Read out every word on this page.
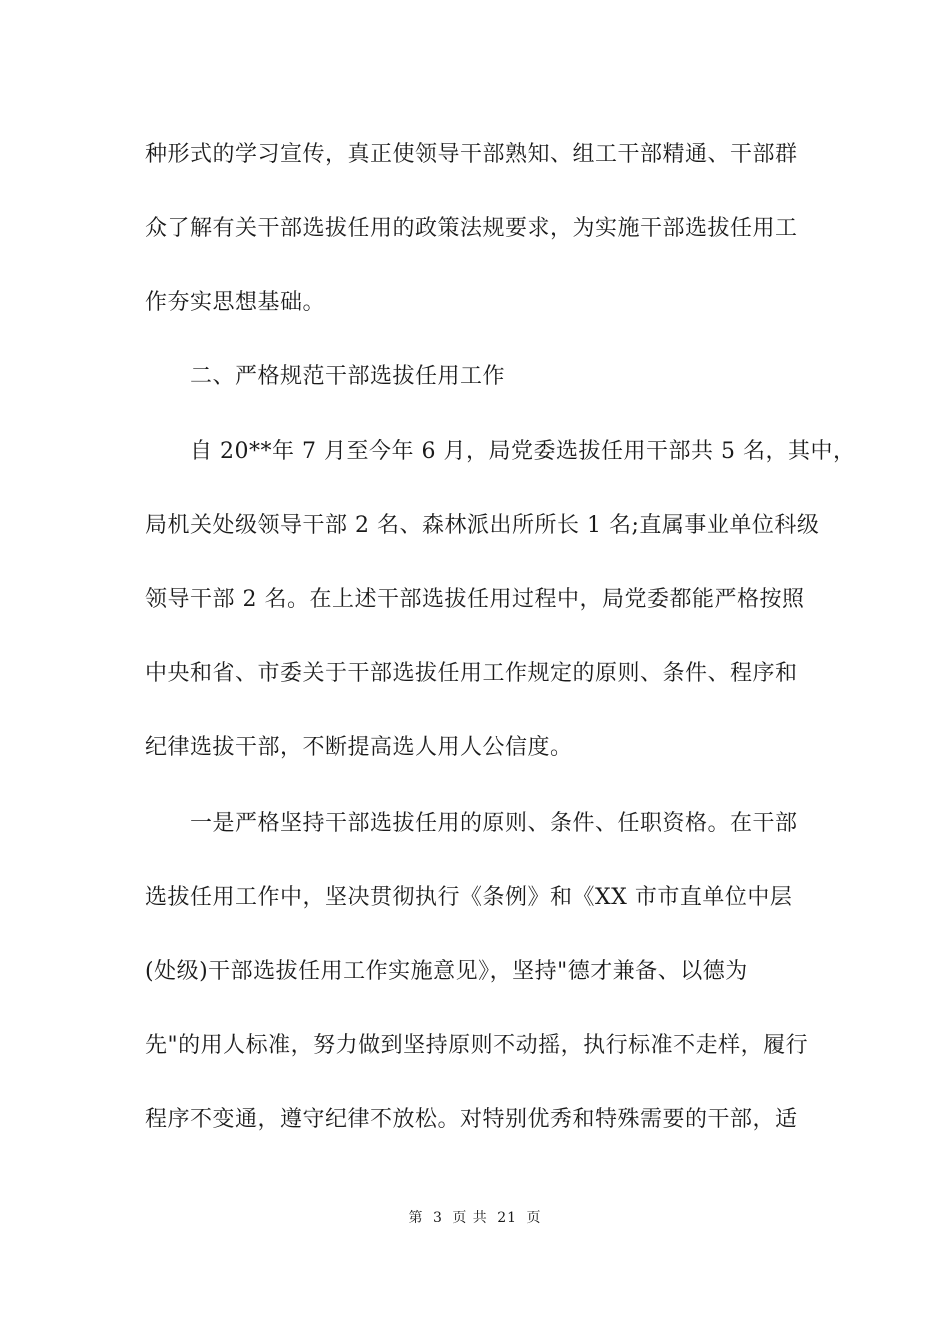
种形式的学习宣传，真正使领导干部熟知、组工干部精通、干部群
众了解有关干部选拔任用的政策法规要求，为实施干部选拔任用工
作夯实思想基础。
二、严格规范干部选拔任用工作
自 20**年 7 月至今年 6 月，局党委选拔任用干部共 5 名，其中，
局机关处级领导干部 2 名、森林派出所所长 1 名;直属事业单位科级
领导干部 2 名。在上述干部选拔任用过程中，局党委都能严格按照
中央和省、市委关于干部选拔任用工作规定的原则、条件、程序和
纪律选拔干部，不断提高选人用人公信度。
一是严格坚持干部选拔任用的原则、条件、任职资格。在干部
选拔任用工作中，坚决贯彻执行《条例》和《XX 市市直单位中层
(处级)干部选拔任用工作实施意见》，坚持"德才兼备、以德为
先"的用人标准，努力做到坚持原则不动摇，执行标准不走样，履行
程序不变通，遵守纪律不放松。对特别优秀和特殊需要的干部，适
第 3 页 共 21 页
